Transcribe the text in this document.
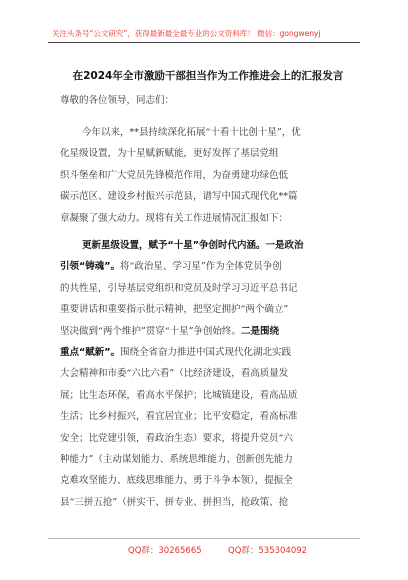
关注头条号“公文研究”，获得最新最全最专业的公文资料库！ 微信：gongwenyj
在2024年全市激励干部担当作为工作推进会上的汇报发言
尊敬的各位领导，同志们：
今年以来，**县持续深化拓展“十看十比创十星”，优
化星级设置，为十星赋新赋能，更好发挥了基层党组
织斗堡垒和广大党员先锋模范作用，为奋勇建功绿色低
碳示范区、建设乡村振兴示范县，谱写中国式现代化**篇
章凝聚了强大动力。现将有关工作进展情况汇报如下：
更新星级设置，赋予“十星”争创时代内涵。一是政治
引领“铸魂”。将“政治星、学习星”作为全体党员争创
的共性星，引导基层党组织和党员及时学习习近平总书记
重要讲话和重要指示批示精神，把坚定拥护“两个确立”
坚决做到“两个维护”贯穿“十星”争创始终。二是围绕
重点“赋新”。围绕全省奋力推进中国式现代化湖北实践
大会精神和市委“六比六看”（比经济建设，看高质量发
展；比生态环保，看高水平保护；比城镇建设，看高品质
生活；比乡村振兴，看宜居宜业；比平安稳定，看高标准
安全；比党建引领，看政治生态）要求，将提升党员“六
种能力”（主动谋划能力、系统思维能力、创新创先能力
克难攻坚能力、底线思维能力、勇于斗争本领），提振全
县“三拼五抢”（拼实干、拼专业、拼担当，抢政策、抢
QQ群：30265665	QQ群：535304092
